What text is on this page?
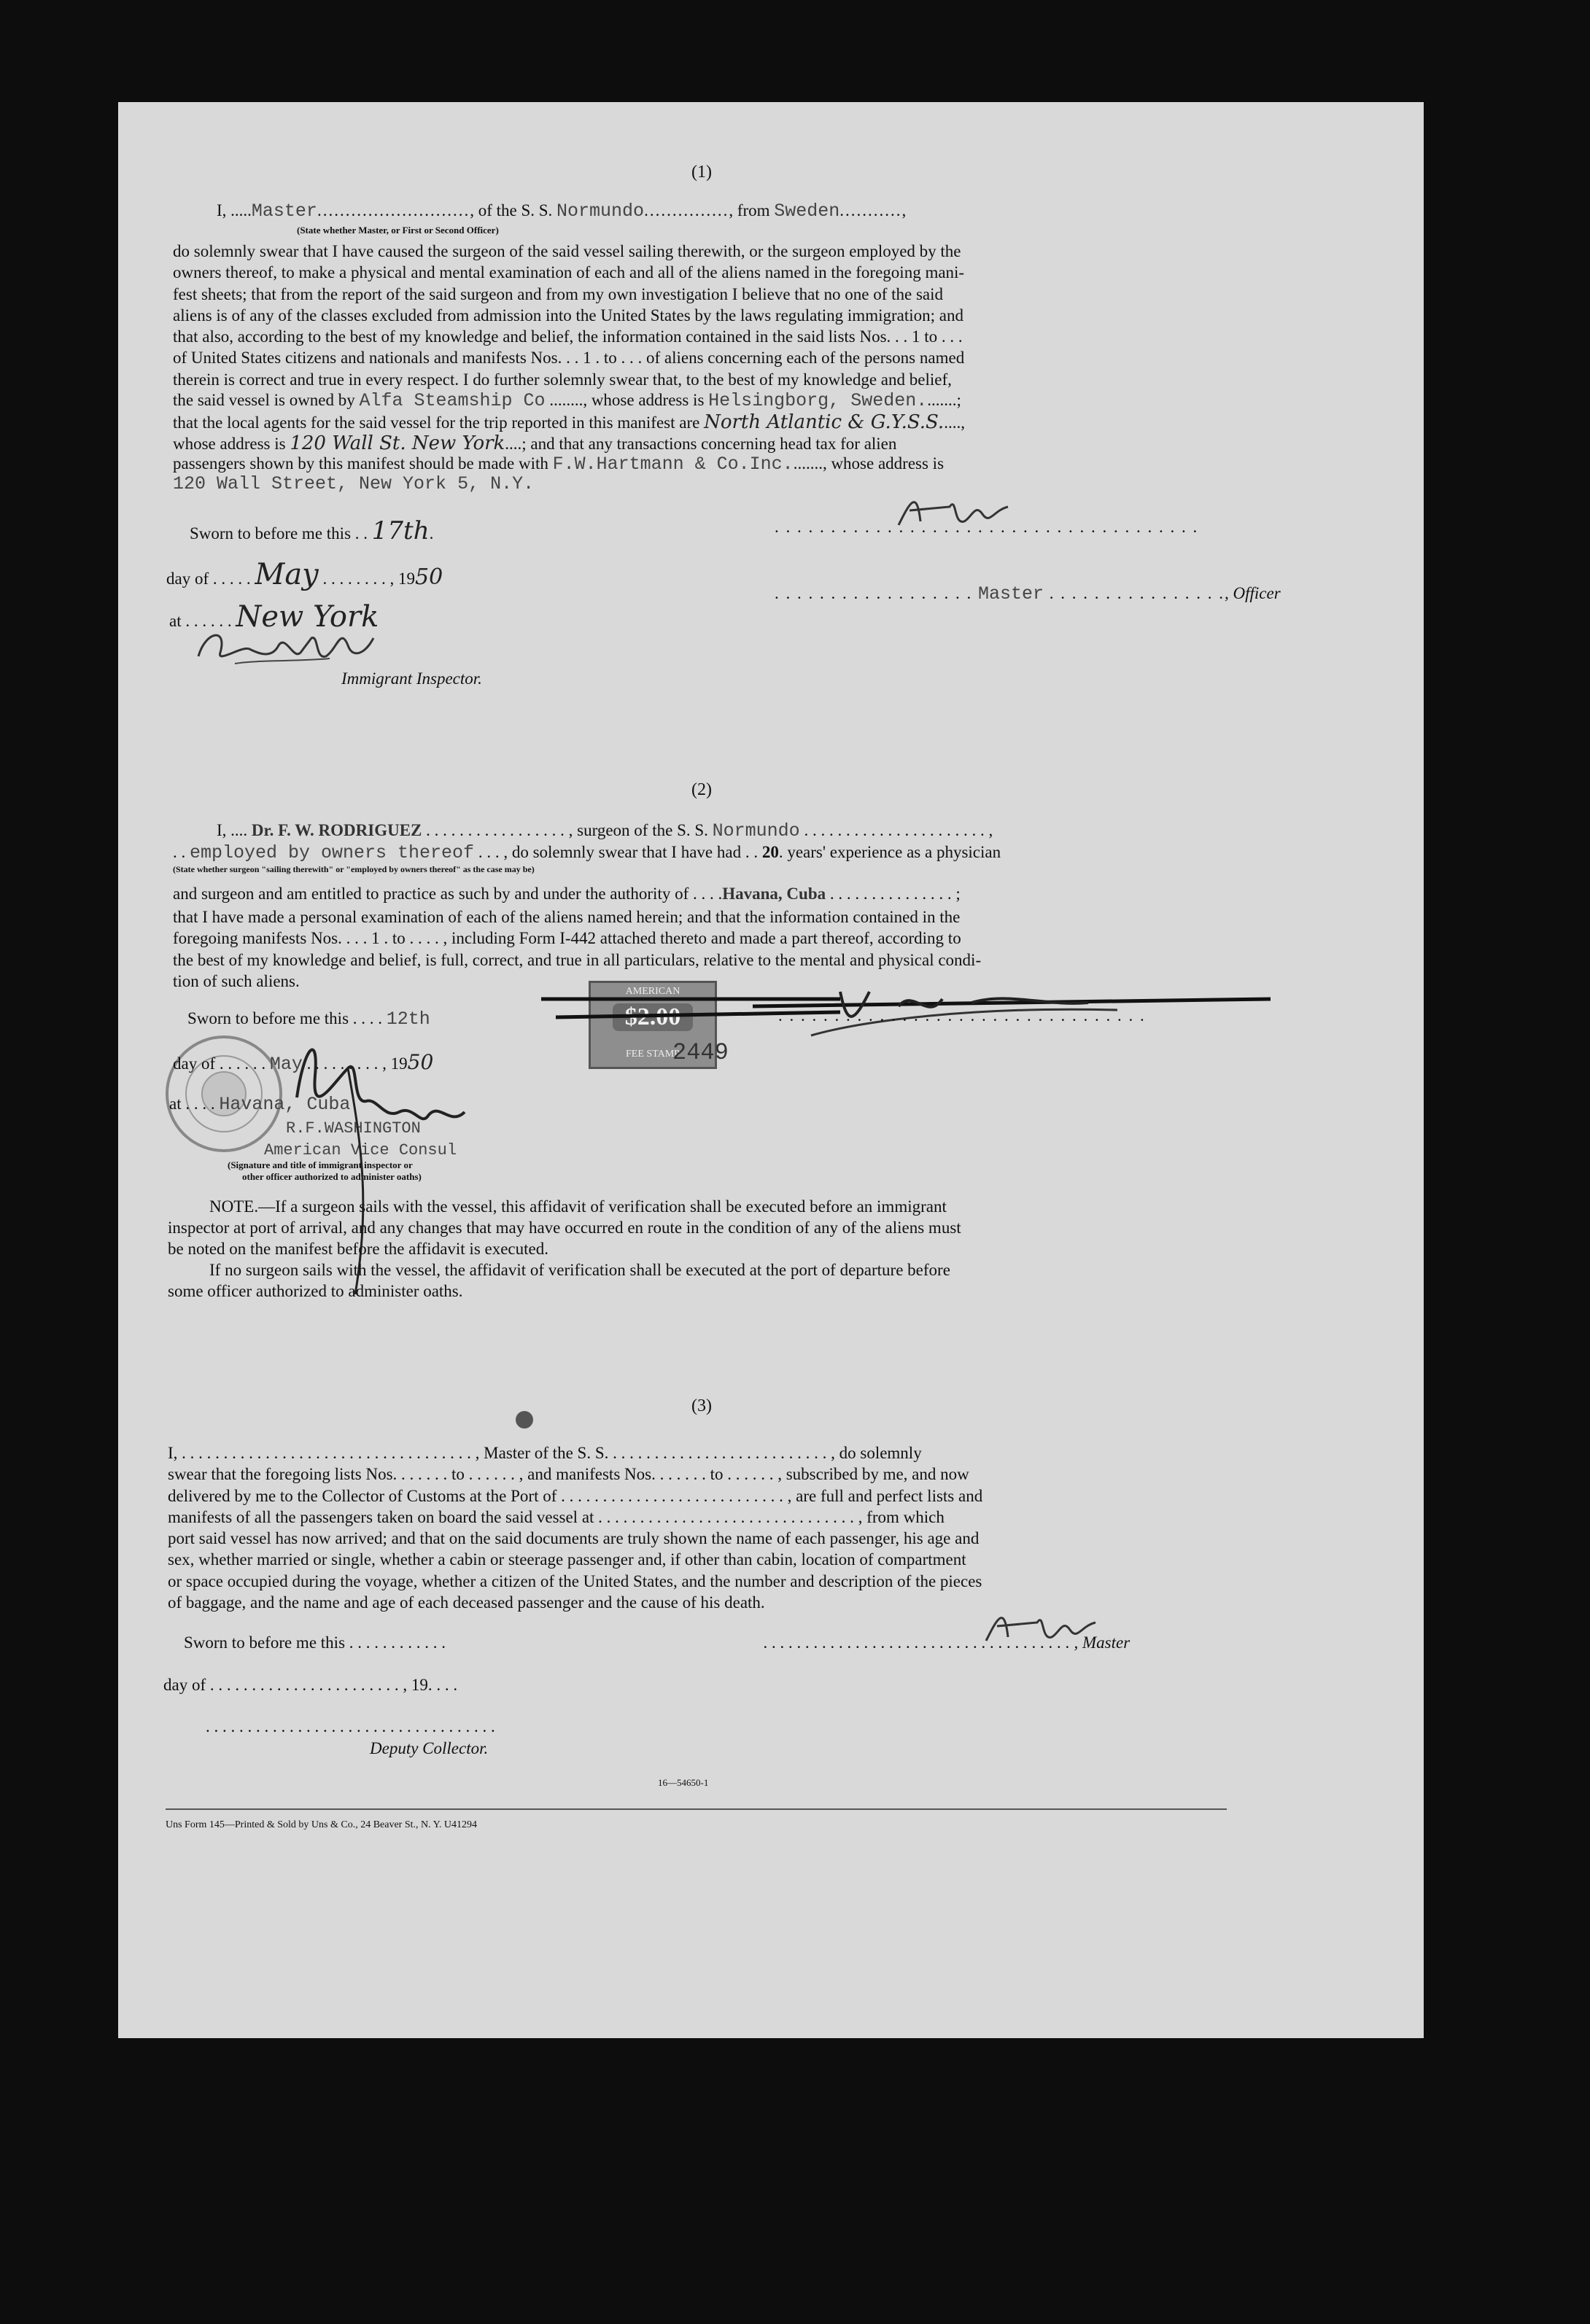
(1)
I, .....Master..........................., of the S. S. Normundo..............., from Sweden...........,
(State whether Master, or First or Second Officer)
do solemnly swear that I have caused the surgeon of the said vessel sailing therewith, or the surgeon employed by the
owners thereof, to make a physical and mental examination of each and all of the aliens named in the foregoing mani-
fest sheets; that from the report of the said surgeon and from my own investigation I believe that no one of the said
aliens is of any of the classes excluded from admission into the United States by the laws regulating immigration; and
that also, according to the best of my knowledge and belief, the information contained in the said lists Nos. . . 1 to . . .
of United States citizens and nationals and manifests Nos. . . 1 . to . . . of aliens concerning each of the persons named
therein is correct and true in every respect. I do further solemnly swear that, to the best of my knowledge and belief,
the said vessel is owned by Alfa Steamship Co ........, whose address is Helsingborg, Sweden........;
that the local agents for the said vessel for the trip reported in this manifest are North Atlantic & G.Y.S.S.....,
whose address is 120 Wall St. New York....; and that any transactions concerning head tax for alien
passengers shown by this manifest should be made with F.W.Hartmann & Co.Inc........, whose address is
120 Wall Street, New York 5, N.Y.
Sworn to before me this . . 17th.
day of . . . . . May . . . . . . . . , 1950
at . . . . . . New York
Immigrant Inspector.
. . . . . . . . . . . . . . . . . . . . . . . . . . . . . . . . . . . . . .
. . . . . . . . . . . . . . . . . . Master . . . . . . . . . . . . . . . ., Officer
(2)
I, .... Dr. F. W. RODRIGUEZ . . . . . . . . . . . . . . . . . , surgeon of the S. S. Normundo . . . . . . . . . . . . . . . . . . . . . . ,
. . employed by owners thereof . . . , do solemnly swear that I have had . . 20. years' experience as a physician
(State whether surgeon "sailing therewith" or "employed by owners thereof" as the case may be)
and surgeon and am entitled to practice as such by and under the authority of . . . .Havana, Cuba . . . . . . . . . . . . . . . ;
that I have made a personal examination of each of the aliens named herein; and that the information contained in the
foregoing manifests Nos. . . . 1 . to . . . . , including Form I-442 attached thereto and made a part thereof, according to
the best of my knowledge and belief, is full, correct, and true in all particulars, relative to the mental and physical condi-
tion of such aliens.
Sworn to before me this . . . . 12th
day of . . . . . . May . . . . . . . . . , 1950
at . . . . Havana, Cuba
R.F.WASHINGTON
American Vice Consul
(Signature and title of immigrant inspector or
other officer authorized to administer oaths)
AMERICAN
$2.00
FEE STAMP
2449
. . . . . . . . . . . . . . . . . . . . . . . . . . . . . . . . .
NOTE.—If a surgeon sails with the vessel, this affidavit of verification shall be executed before an immigrant
inspector at port of arrival, and any changes that may have occurred en route in the condition of any of the aliens must
be noted on the manifest before the affidavit is executed.
If no surgeon sails with the vessel, the affidavit of verification shall be executed at the port of departure before
some officer authorized to administer oaths.
(3)
I, . . . . . . . . . . . . . . . . . . . . . . . . . . . . . . . . . . . , Master of the S. S. . . . . . . . . . . . . . . . . . . . . . . . . . . , do solemnly
swear that the foregoing lists Nos. . . . . . . to . . . . . . , and manifests Nos. . . . . . . to . . . . . . , subscribed by me, and now
delivered by me to the Collector of Customs at the Port of . . . . . . . . . . . . . . . . . . . . . . . . . . . , are full and perfect lists and
manifests of all the passengers taken on board the said vessel at . . . . . . . . . . . . . . . . . . . . . . . . . . . . . . . , from which
port said vessel has now arrived; and that on the said documents are truly shown the name of each passenger, his age and
sex, whether married or single, whether a cabin or steerage passenger and, if other than cabin, location of compartment
or space occupied during the voyage, whether a citizen of the United States, and the number and description of the pieces
of baggage, and the name and age of each deceased passenger and the cause of his death.
Sworn to before me this . . . . . . . . . . . .	. . . . . . . . . . . . . . . . . . . . . . . . . . . . . . . . . . . . . , Master
day of . . . . . . . . . . . . . . . . . . . . . . . , 19. . . .
. . . . . . . . . . . . . . . . . . . . . . . . . . . . . . . . . . .
Deputy Collector.
16—54650-1
Uns Form 145—Printed & Sold by Uns & Co., 24 Beaver St., N. Y. U41294
